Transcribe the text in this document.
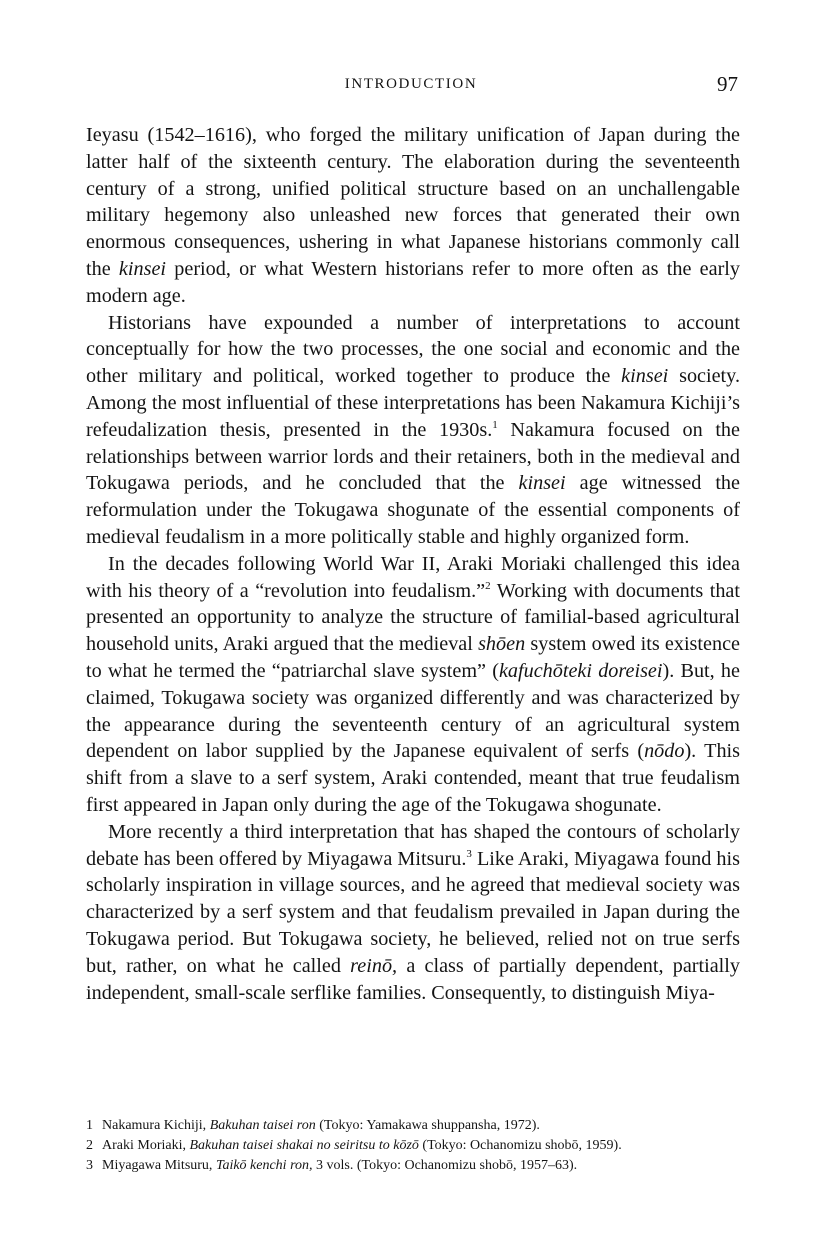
INTRODUCTION	97

Ieyasu (1542–1616), who forged the military unification of Japan during the latter half of the sixteenth century. The elaboration during the seventeenth century of a strong, unified political structure based on an unchallengable military hegemony also unleashed new forces that generated their own enormous consequences, ushering in what Japanese historians commonly call the kinsei period, or what Western historians refer to more often as the early modern age.

Historians have expounded a number of interpretations to account conceptually for how the two processes, the one social and economic and the other military and political, worked together to produce the kinsei society. Among the most influential of these interpretations has been Nakamura Kichiji’s refeudalization thesis, presented in the 1930s.$^1$ Nakamura focused on the relationships between warrior lords and their retainers, both in the medieval and Tokugawa periods, and he concluded that the kinsei age witnessed the reformulation under the Tokugawa shogunate of the essential components of medieval feudalism in a more politically stable and highly organized form.

In the decades following World War II, Araki Moriaki challenged this idea with his theory of a “revolution into feudalism.”$^2$ Working with documents that presented an opportunity to analyze the structure of familial-based agricultural household units, Araki argued that the medieval shōen system owed its existence to what he termed the “patriarchal slave system” (kafuchōteki doreisei). But, he claimed, Tokugawa society was organized differently and was characterized by the appearance during the seventeenth century of an agricultural system dependent on labor supplied by the Japanese equivalent of serfs (nōdo). This shift from a slave to a serf system, Araki contended, meant that true feudalism first appeared in Japan only during the age of the Tokugawa shogunate.

More recently a third interpretation that has shaped the contours of scholarly debate has been offered by Miyagawa Mitsuru.$^3$ Like Araki, Miyagawa found his scholarly inspiration in village sources, and he agreed that medieval society was characterized by a serf system and that feudalism prevailed in Japan during the Tokugawa period. But Tokugawa society, he believed, relied not on true serfs but, rather, on what he called reinō, a class of partially dependent, partially independent, small-scale serflike families. Consequently, to distinguish Miya-

1 Nakamura Kichiji, Bakuhan taisei ron (Tokyo: Yamakawa shuppansha, 1972).

2 Araki Moriaki, Bakuhan taisei shakai no seiritsu to kōzō (Tokyo: Ochanomizu shobō, 1959).

3 Miyagawa Mitsuru, Taikō kenchi ron, 3 vols. (Tokyo: Ochanomizu shobō, 1957–63).
